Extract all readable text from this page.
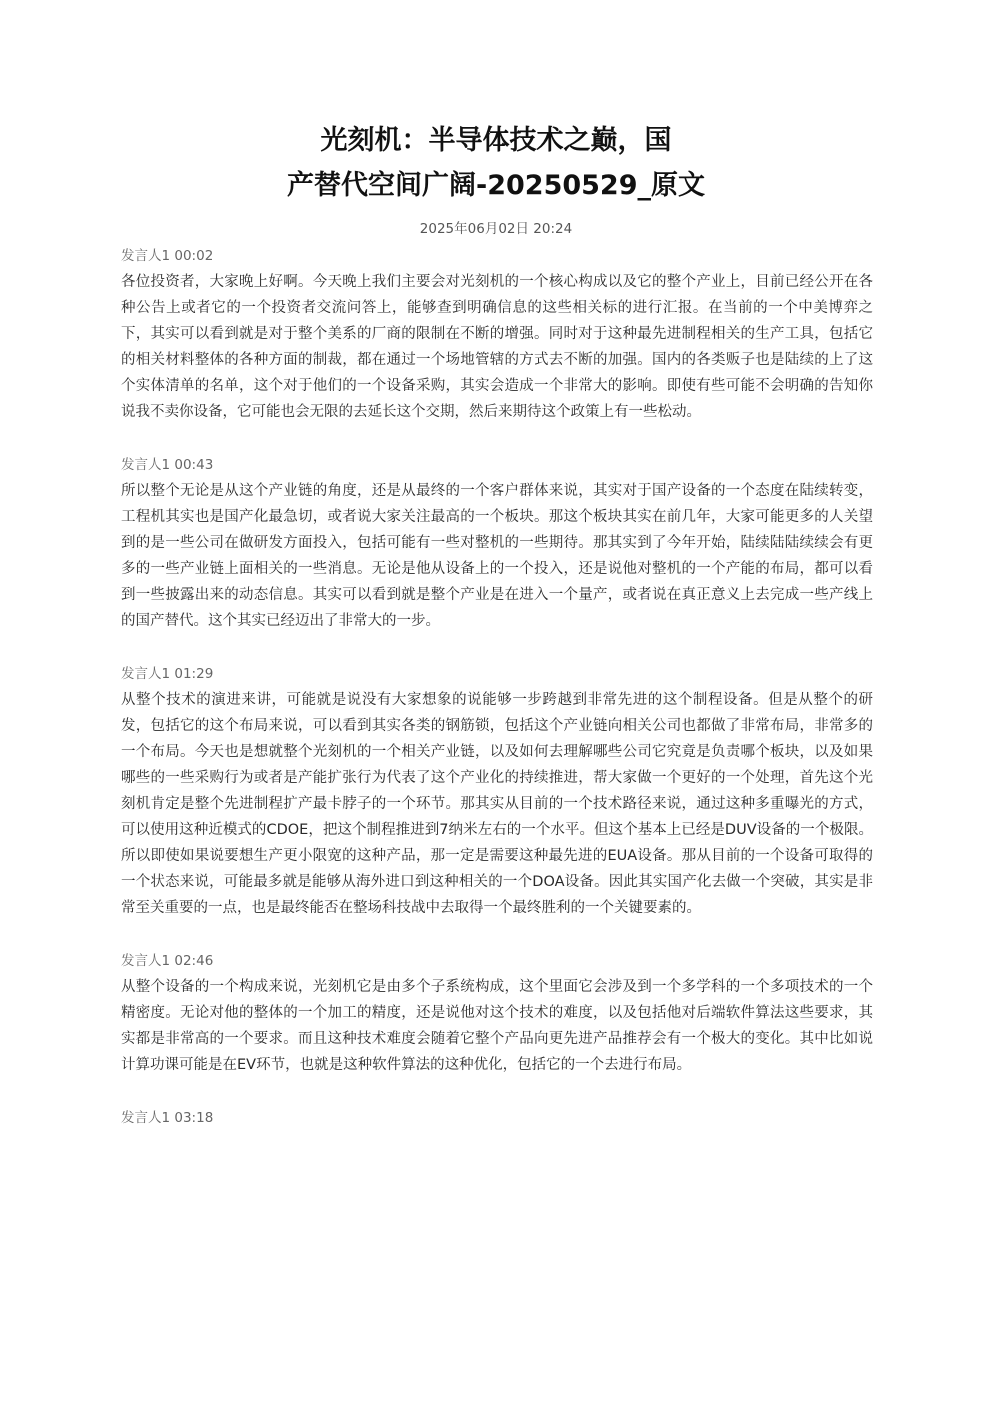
光刻机：半导体技术之巅，国
产替代空间广阔-20250529_原文
2025年06月02日 20:24
发言人1 00:02
各位投资者，大家晚上好啊。今天晚上我们主要会对光刻机的一个核心构成以及它的整个产业上，目前已经公开在各种公告上或者它的一个投资者交流问答上，能够查到明确信息的这些相关标的进行汇报。在当前的一个中美博弈之下，其实可以看到就是对于整个美系的厂商的限制在不断的增强。同时对于这种最先进制程相关的生产工具，包括它的相关材料整体的各种方面的制裁，都在通过一个场地管辖的方式去不断的加强。国内的各类贩子也是陆续的上了这个实体清单的名单，这个对于他们的一个设备采购，其实会造成一个非常大的影响。即使有些可能不会明确的告知你说我不卖你设备，它可能也会无限的去延长这个交期，然后来期待这个政策上有一些松动。
发言人1 00:43
所以整个无论是从这个产业链的角度，还是从最终的一个客户群体来说，其实对于国产设备的一个态度在陆续转变，工程机其实也是国产化最急切，或者说大家关注最高的一个板块。那这个板块其实在前几年，大家可能更多的人关望到的是一些公司在做研发方面投入，包括可能有一些对整机的一些期待。那其实到了今年开始，陆续陆陆续续会有更多的一些产业链上面相关的一些消息。无论是他从设备上的一个投入，还是说他对整机的一个产能的布局，都可以看到一些披露出来的动态信息。其实可以看到就是整个产业是在进入一个量产，或者说在真正意义上去完成一些产线上的国产替代。这个其实已经迈出了非常大的一步。
发言人1 01:29
从整个技术的演进来讲，可能就是说没有大家想象的说能够一步跨越到非常先进的这个制程设备。但是从整个的研发，包括它的这个布局来说，可以看到其实各类的钢筋锁，包括这个产业链向相关公司也都做了非常布局，非常多的一个布局。今天也是想就整个光刻机的一个相关产业链，以及如何去理解哪些公司它究竟是负责哪个板块，以及如果哪些的一些采购行为或者是产能扩张行为代表了这个产业化的持续推进，帮大家做一个更好的一个处理，首先这个光刻机肯定是整个先进制程扩产最卡脖子的一个环节。那其实从目前的一个技术路径来说，通过这种多重曝光的方式，可以使用这种近模式的CDOE，把这个制程推进到7纳米左右的一个水平。但这个基本上已经是DUV设备的一个极限。所以即使如果说要想生产更小限宽的这种产品，那一定是需要这种最先进的EUA设备。那从目前的一个设备可取得的一个状态来说，可能最多就是能够从海外进口到这种相关的一个DOA设备。因此其实国产化去做一个突破，其实是非常至关重要的一点，也是最终能否在整场科技战中去取得一个最终胜利的一个关键要素的。
发言人1 02:46
从整个设备的一个构成来说，光刻机它是由多个子系统构成，这个里面它会涉及到一个多学科的一个多项技术的一个精密度。无论对他的整体的一个加工的精度，还是说他对这个技术的难度，以及包括他对后端软件算法这些要求，其实都是非常高的一个要求。而且这种技术难度会随着它整个产品向更先进产品推荐会有一个极大的变化。其中比如说计算功课可能是在EV环节，也就是这种软件算法的这种优化，包括它的一个去进行布局。
发言人1 03:18
